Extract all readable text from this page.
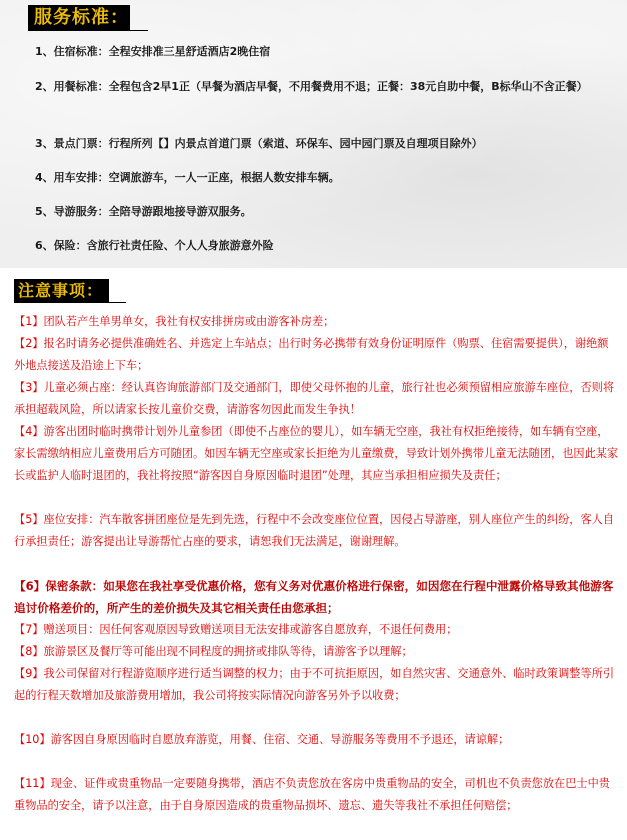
服务标准：
1、住宿标准：全程安排准三星舒适酒店2晚住宿
2、用餐标准：全程包含2早1正（早餐为酒店早餐，不用餐费用不退；正餐：38元自助中餐，B标华山不含正餐）
3、景点门票：行程所列【】内景点首道门票（索道、环保车、园中园门票及自理项目除外）
4、用车安排：空调旅游车，一人一正座，根据人数安排车辆。
5、导游服务：全陪导游跟地接导游双服务。
6、保险：含旅行社责任险、个人人身旅游意外险
注意事项：
【1】团队若产生单男单女，我社有权安排拼房或由游客补房差；
【2】报名时请务必提供准确姓名、并选定上车站点；出行时务必携带有效身份证明原件（购票、住宿需要提供），谢绝额外地点接送及沿途上下车；
【3】儿童必须占座：经认真咨询旅游部门及交通部门，即使父母怀抱的儿童，旅行社也必须预留相应旅游车座位，否则将承担超载风险，所以请家长按儿童价交费，请游客勿因此而发生争执！
【4】游客出团时临时携带计划外儿童参团（即使不占座位的婴儿），如车辆无空座，我社有权拒绝接待，如车辆有空座，家长需缴纳相应儿童费用后方可随团。如因车辆无空座或家长拒绝为儿童缴费，导致计划外携带儿童无法随团，也因此某家长或监护人临时退团的，我社将按照“游客因自身原因临时退团”处理，其应当承担相应损失及责任；
【5】座位安排：汽车散客拼团座位是先到先选，行程中不会改变座位位置，因侵占导游座，别人座位产生的纠纷，客人自行承担责任；游客提出让导游帮忙占座的要求，请恕我们无法满足，谢谢理解。
【6】保密条款：如果您在我社享受优惠价格，您有义务对优惠价格进行保密，如因您在行程中泄露价格导致其他游客追讨价格差价的，所产生的差价损失及其它相关责任由您承担；
【7】赠送项目：因任何客观原因导致赠送项目无法安排或游客自愿放弃，不退任何费用；
【8】旅游景区及餐厅等可能出现不同程度的拥挤或排队等待，请游客予以理解；
【9】我公司保留对行程游览顺序进行适当调整的权力；由于不可抗拒原因，如自然灾害、交通意外、临时政策调整等所引起的行程天数增加及旅游费用增加，我公司将按实际情况向游客另外予以收费；
【10】游客因自身原因临时自愿放弃游览，用餐、住宿、交通、导游服务等费用不予退还，请谅解；
【11】现金、证件或贵重物品一定要随身携带，酒店不负责您放在客房中贵重物品的安全，司机也不负责您放在巴士中贵重物品的安全，请予以注意，由于自身原因造成的贵重物品损坏、遗忘、遗失等我社不承担任何赔偿；
